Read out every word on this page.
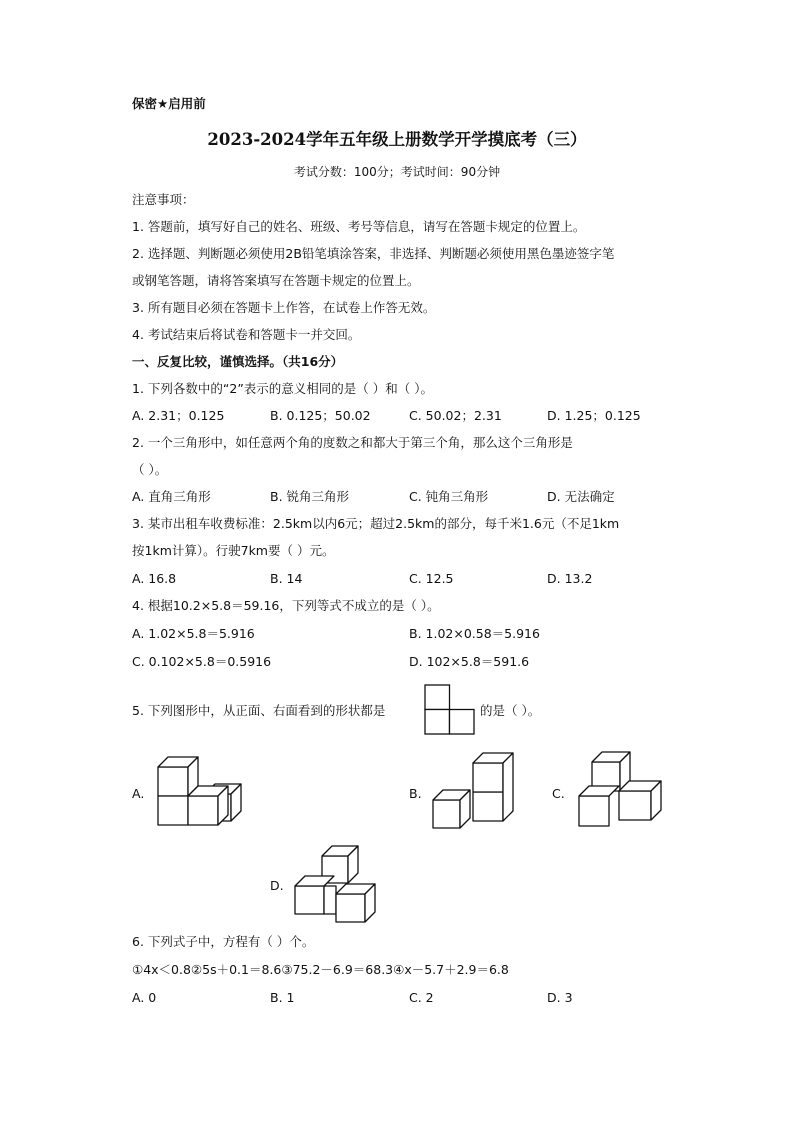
保密★启用前
2023-2024学年五年级上册数学开学摸底考（三）
考试分数：100分；考试时间：90分钟
注意事项：
1. 答题前，填写好自己的姓名、班级、考号等信息，请写在答题卡规定的位置上。
2. 选择题、判断题必须使用2B铅笔填涂答案，非选择、判断题必须使用黑色墨迹签字笔
或钢笔答题，请将答案填写在答题卡规定的位置上。
3. 所有题目必须在答题卡上作答，在试卷上作答无效。
4. 考试结束后将试卷和答题卡一并交回。
一、反复比较，谨慎选择。（共16分）
1. 下列各数中的“2”表示的意义相同的是（ ）和（ ）。
A. 2.31；0.125	B. 0.125；50.02	C. 50.02；2.31	D. 1.25；0.125
2. 一个三角形中，如任意两个角的度数之和都大于第三个角，那么这个三角形是
（ ）。
A. 直角三角形	B. 锐角三角形	C. 钝角三角形	D. 无法确定
3. 某市出租车收费标准：2.5km以内6元；超过2.5km的部分，每千米1.6元（不足1km
按1km计算）。行驶7km要（ ）元。
A. 16.8	B. 14	C. 12.5	D. 13.2
4. 根据10.2×5.8＝59.16，下列等式不成立的是（ ）。
A. 1.02×5.8＝5.916	B. 1.02×0.58＝5.916
C. 0.102×5.8＝0.5916	D. 102×5.8＝591.6
5. 下列图形中，从正面、右面看到的形状都是	的是（ ）。
A.	B.	C.
D.
6. 下列式子中，方程有（ ）个。
①4x＜0.8②5s＋0.1＝8.6③75.2－6.9＝68.3④x－5.7＋2.9＝6.8
A. 0	B. 1	C. 2	D. 3
